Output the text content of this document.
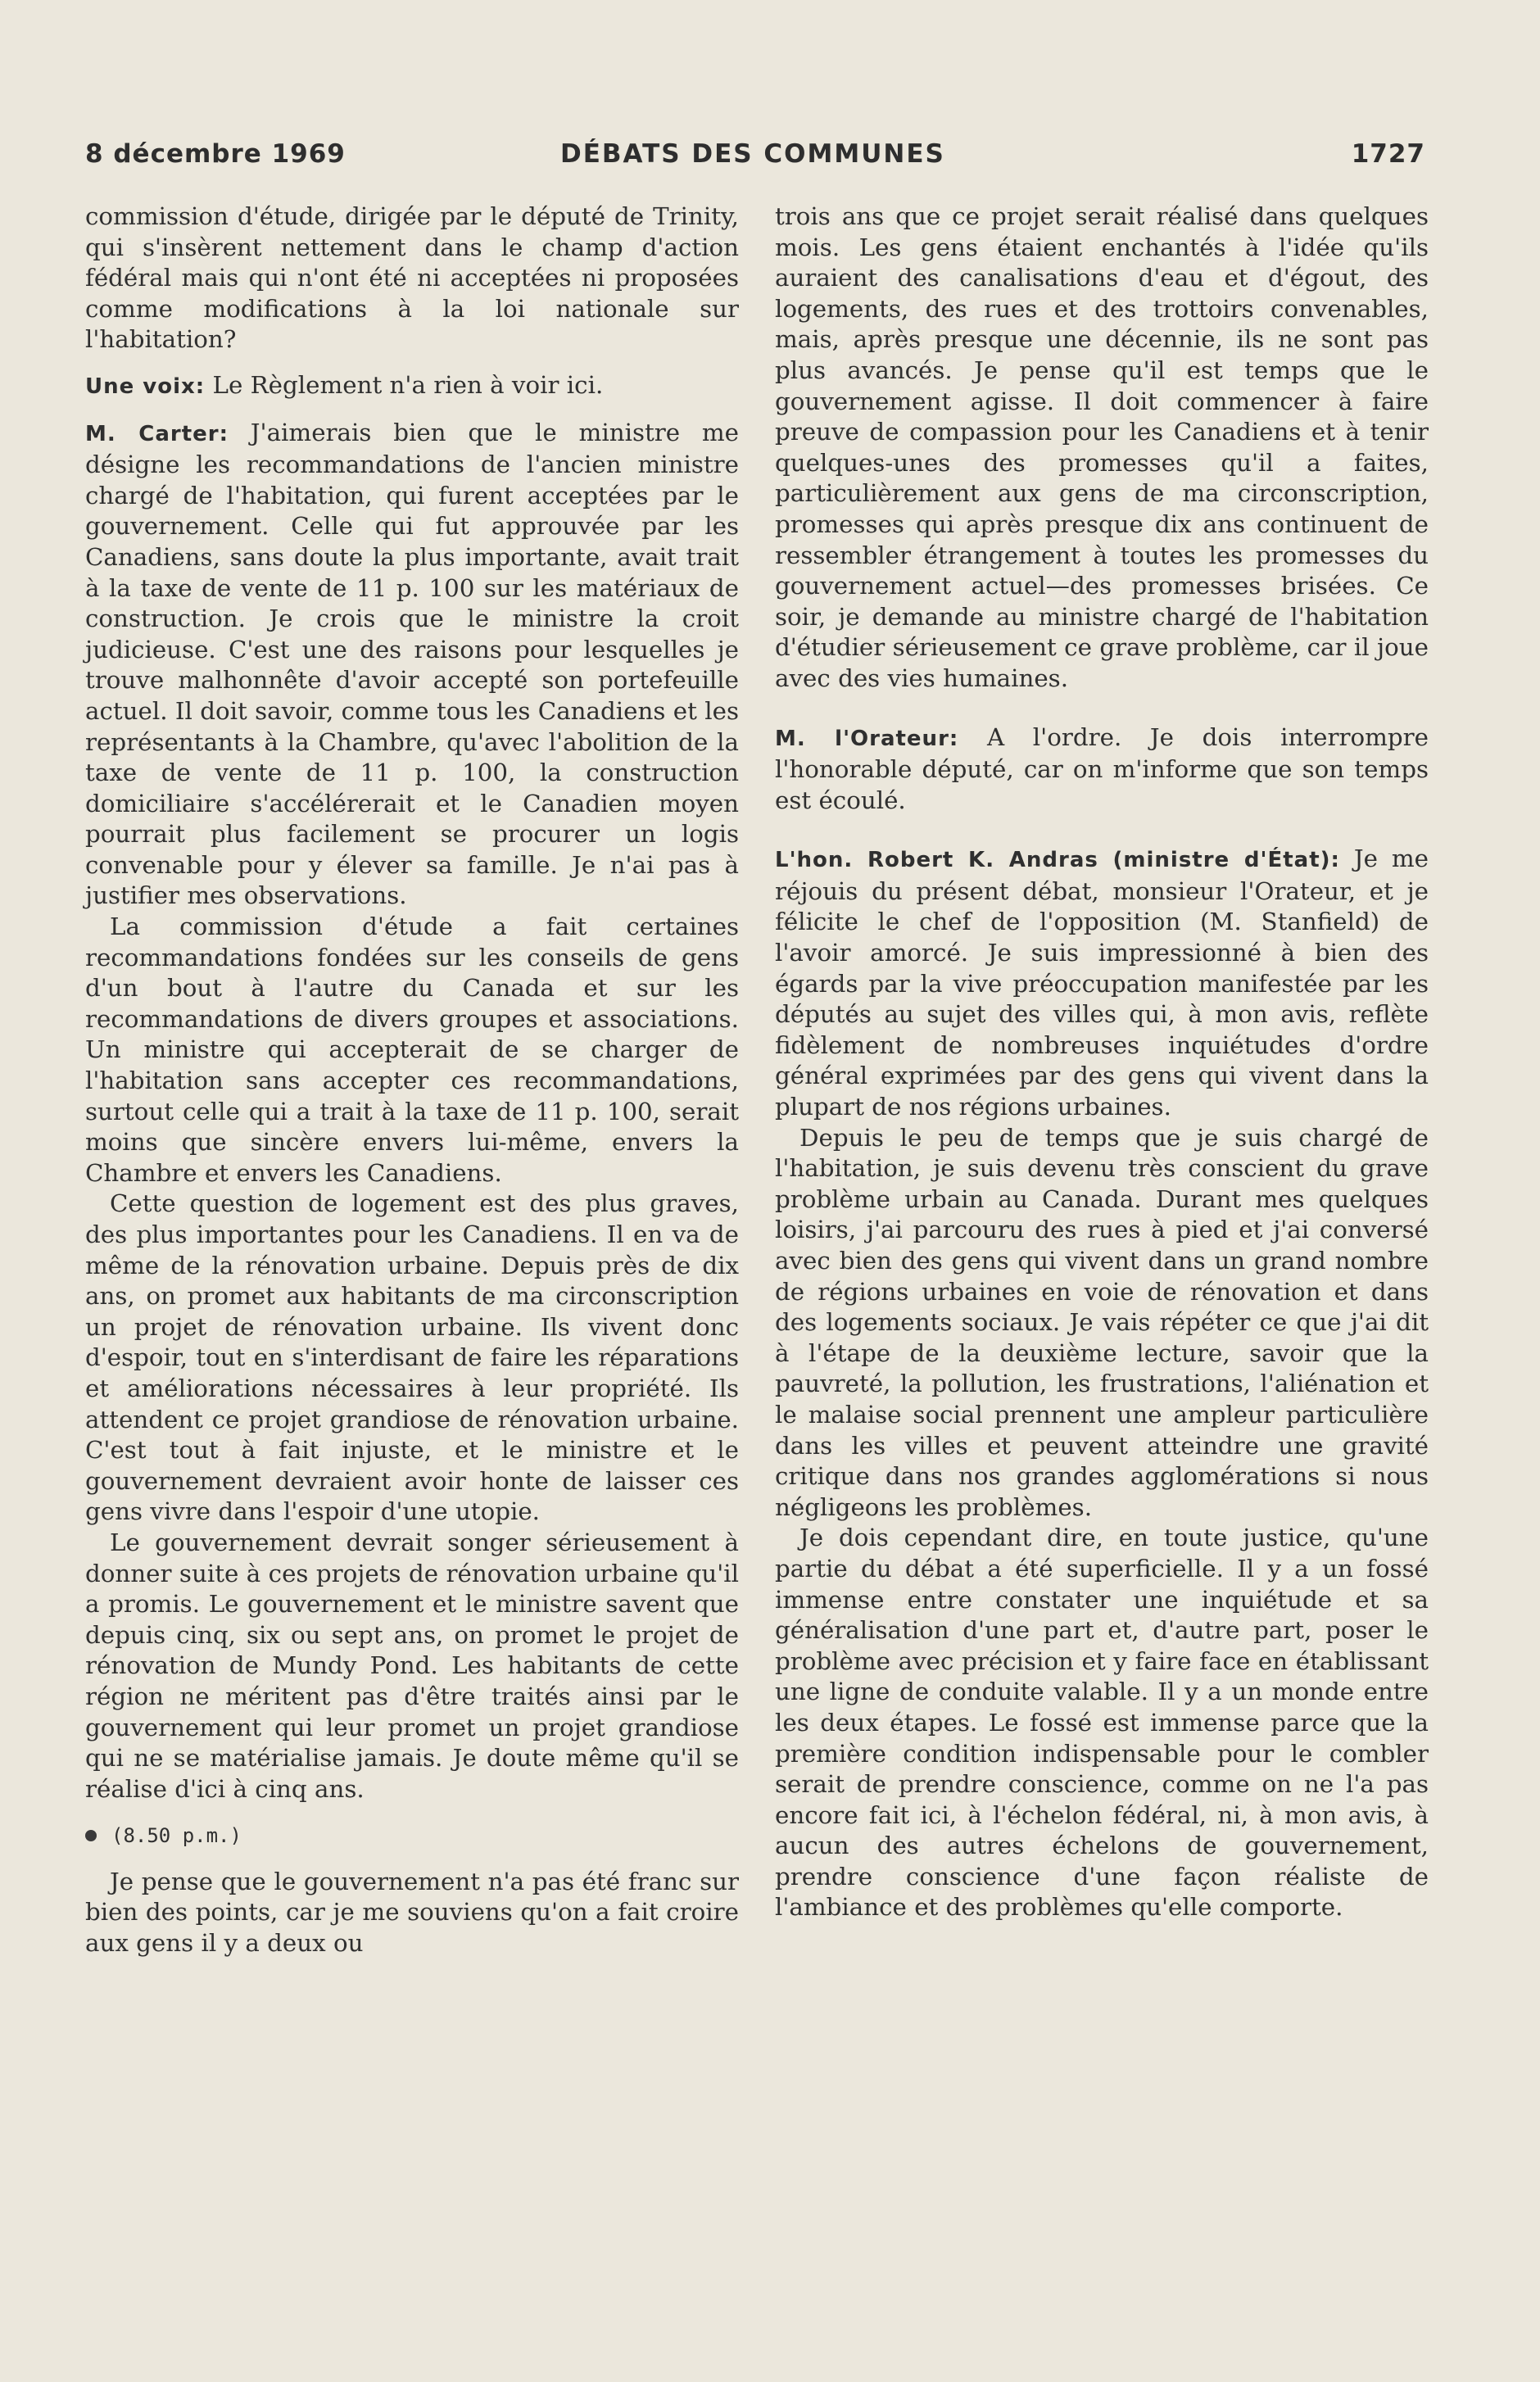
8 décembre 1969	DÉBATS DES COMMUNES	1727

commission d'étude, dirigée par le député de Trinity, qui s'insèrent nettement dans le champ d'action fédéral mais qui n'ont été ni acceptées ni proposées comme modifications à la loi nationale sur l'habitation?

Une voix: Le Règlement n'a rien à voir ici.

M. Carter: J'aimerais bien que le ministre me désigne les recommandations de l'ancien ministre chargé de l'habitation, qui furent acceptées par le gouvernement. Celle qui fut approuvée par les Canadiens, sans doute la plus importante, avait trait à la taxe de vente de 11 p. 100 sur les matériaux de construction. Je crois que le ministre la croit judicieuse. C'est une des raisons pour lesquelles je trouve malhonnête d'avoir accepté son portefeuille actuel. Il doit savoir, comme tous les Canadiens et les représentants à la Chambre, qu'avec l'abolition de la taxe de vente de 11 p. 100, la construction domiciliaire s'accélérerait et le Canadien moyen pourrait plus facilement se procurer un logis convenable pour y élever sa famille. Je n'ai pas à justifier mes observations.

La commission d'étude a fait certaines recommandations fondées sur les conseils de gens d'un bout à l'autre du Canada et sur les recommandations de divers groupes et associations. Un ministre qui accepterait de se charger de l'habitation sans accepter ces recommandations, surtout celle qui a trait à la taxe de 11 p. 100, serait moins que sincère envers lui-même, envers la Chambre et envers les Canadiens.

Cette question de logement est des plus graves, des plus importantes pour les Canadiens. Il en va de même de la rénovation urbaine. Depuis près de dix ans, on promet aux habitants de ma circonscription un projet de rénovation urbaine. Ils vivent donc d'espoir, tout en s'interdisant de faire les réparations et améliorations nécessaires à leur propriété. Ils attendent ce projet grandiose de rénovation urbaine. C'est tout à fait injuste, et le ministre et le gouvernement devraient avoir honte de laisser ces gens vivre dans l'espoir d'une utopie.

Le gouvernement devrait songer sérieusement à donner suite à ces projets de rénovation urbaine qu'il a promis. Le gouvernement et le ministre savent que depuis cinq, six ou sept ans, on promet le projet de rénovation de Mundy Pond. Les habitants de cette région ne méritent pas d'être traités ainsi par le gouvernement qui leur promet un projet grandiose qui ne se matérialise jamais. Je doute même qu'il se réalise d'ici à cinq ans.

(8.50 p.m.)

Je pense que le gouvernement n'a pas été franc sur bien des points, car je me souviens qu'on a fait croire aux gens il y a deux ou

trois ans que ce projet serait réalisé dans quelques mois. Les gens étaient enchantés à l'idée qu'ils auraient des canalisations d'eau et d'égout, des logements, des rues et des trottoirs convenables, mais, après presque une décennie, ils ne sont pas plus avancés. Je pense qu'il est temps que le gouvernement agisse. Il doit commencer à faire preuve de compassion pour les Canadiens et à tenir quelques-unes des promesses qu'il a faites, particulièrement aux gens de ma circonscription, promesses qui après presque dix ans continuent de ressembler étrangement à toutes les promesses du gouvernement actuel—des promesses brisées. Ce soir, je demande au ministre chargé de l'habitation d'étudier sérieusement ce grave problème, car il joue avec des vies humaines.

M. l'Orateur: A l'ordre. Je dois interrompre l'honorable député, car on m'informe que son temps est écoulé.

L'hon. Robert K. Andras (ministre d'État): Je me réjouis du présent débat, monsieur l'Orateur, et je félicite le chef de l'opposition (M. Stanfield) de l'avoir amorcé. Je suis impressionné à bien des égards par la vive préoccupation manifestée par les députés au sujet des villes qui, à mon avis, reflète fidèlement de nombreuses inquiétudes d'ordre général exprimées par des gens qui vivent dans la plupart de nos régions urbaines.

Depuis le peu de temps que je suis chargé de l'habitation, je suis devenu très conscient du grave problème urbain au Canada. Durant mes quelques loisirs, j'ai parcouru des rues à pied et j'ai conversé avec bien des gens qui vivent dans un grand nombre de régions urbaines en voie de rénovation et dans des logements sociaux. Je vais répéter ce que j'ai dit à l'étape de la deuxième lecture, savoir que la pauvreté, la pollution, les frustrations, l'aliénation et le malaise social prennent une ampleur particulière dans les villes et peuvent atteindre une gravité critique dans nos grandes agglomérations si nous négligeons les problèmes.

Je dois cependant dire, en toute justice, qu'une partie du débat a été superficielle. Il y a un fossé immense entre constater une inquiétude et sa généralisation d'une part et, d'autre part, poser le problème avec précision et y faire face en établissant une ligne de conduite valable. Il y a un monde entre les deux étapes. Le fossé est immense parce que la première condition indispensable pour le combler serait de prendre conscience, comme on ne l'a pas encore fait ici, à l'échelon fédéral, ni, à mon avis, à aucun des autres échelons de gouvernement, prendre conscience d'une façon réaliste de l'ambiance et des problèmes qu'elle comporte.
